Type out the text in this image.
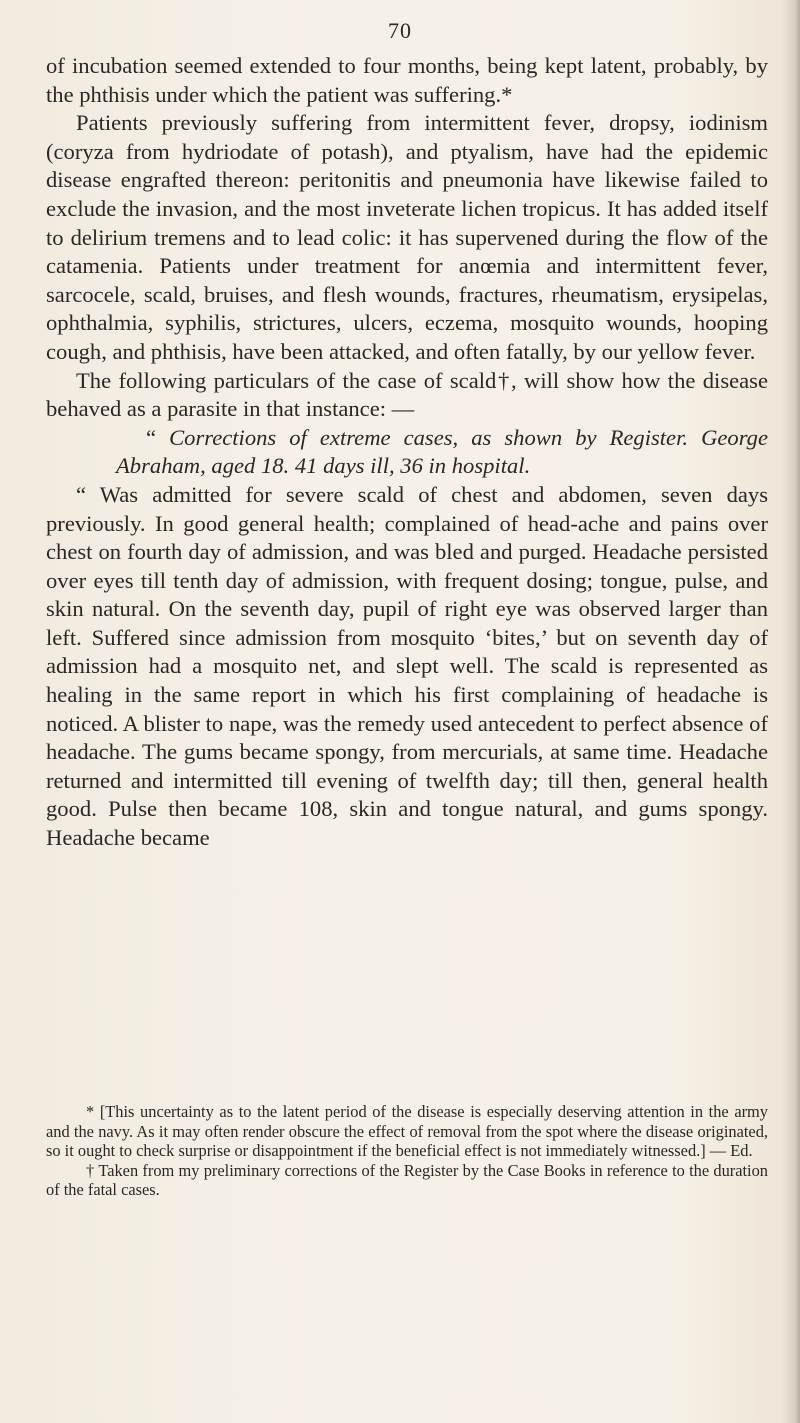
70

of incubation seemed extended to four months, being kept latent, probably, by the phthisis under which the patient was suffering.*

Patients previously suffering from intermittent fever, dropsy, iodinism (coryza from hydriodate of potash), and ptyalism, have had the epidemic disease engrafted thereon: peritonitis and pneumonia have likewise failed to exclude the invasion, and the most inveterate lichen tropicus. It has added itself to delirium tremens and to lead colic: it has supervened during the flow of the catamenia. Patients under treatment for anœmia and intermittent fever, sarcocele, scald, bruises, and flesh wounds, fractures, rheumatism, erysipelas, ophthalmia, syphilis, strictures, ulcers, eczema, mosquito wounds, hooping cough, and phthisis, have been attacked, and often fatally, by our yellow fever.

The following particulars of the case of scald†, will show how the disease behaved as a parasite in that instance: —

“ Corrections of extreme cases, as shown by Register. George Abraham, aged 18. 41 days ill, 36 in hospital.

“ Was admitted for severe scald of chest and abdomen, seven days previously. In good general health; complained of head-ache and pains over chest on fourth day of admission, and was bled and purged. Headache persisted over eyes till tenth day of admission, with frequent dosing; tongue, pulse, and skin natural. On the seventh day, pupil of right eye was observed larger than left. Suffered since admission from mosquito ‘bites,’ but on seventh day of admission had a mosquito net, and slept well. The scald is represented as healing in the same report in which his first complaining of headache is noticed. A blister to nape, was the remedy used antecedent to perfect absence of headache. The gums became spongy, from mercurials, at same time. Headache returned and intermitted till evening of twelfth day; till then, general health good. Pulse then became 108, skin and tongue natural, and gums spongy. Headache became

* [This uncertainty as to the latent period of the disease is especially deserving attention in the army and the navy. As it may often render obscure the effect of removal from the spot where the disease originated, so it ought to check surprise or disappointment if the beneficial effect is not immediately witnessed.] — Ed.

† Taken from my preliminary corrections of the Register by the Case Books in reference to the duration of the fatal cases.
